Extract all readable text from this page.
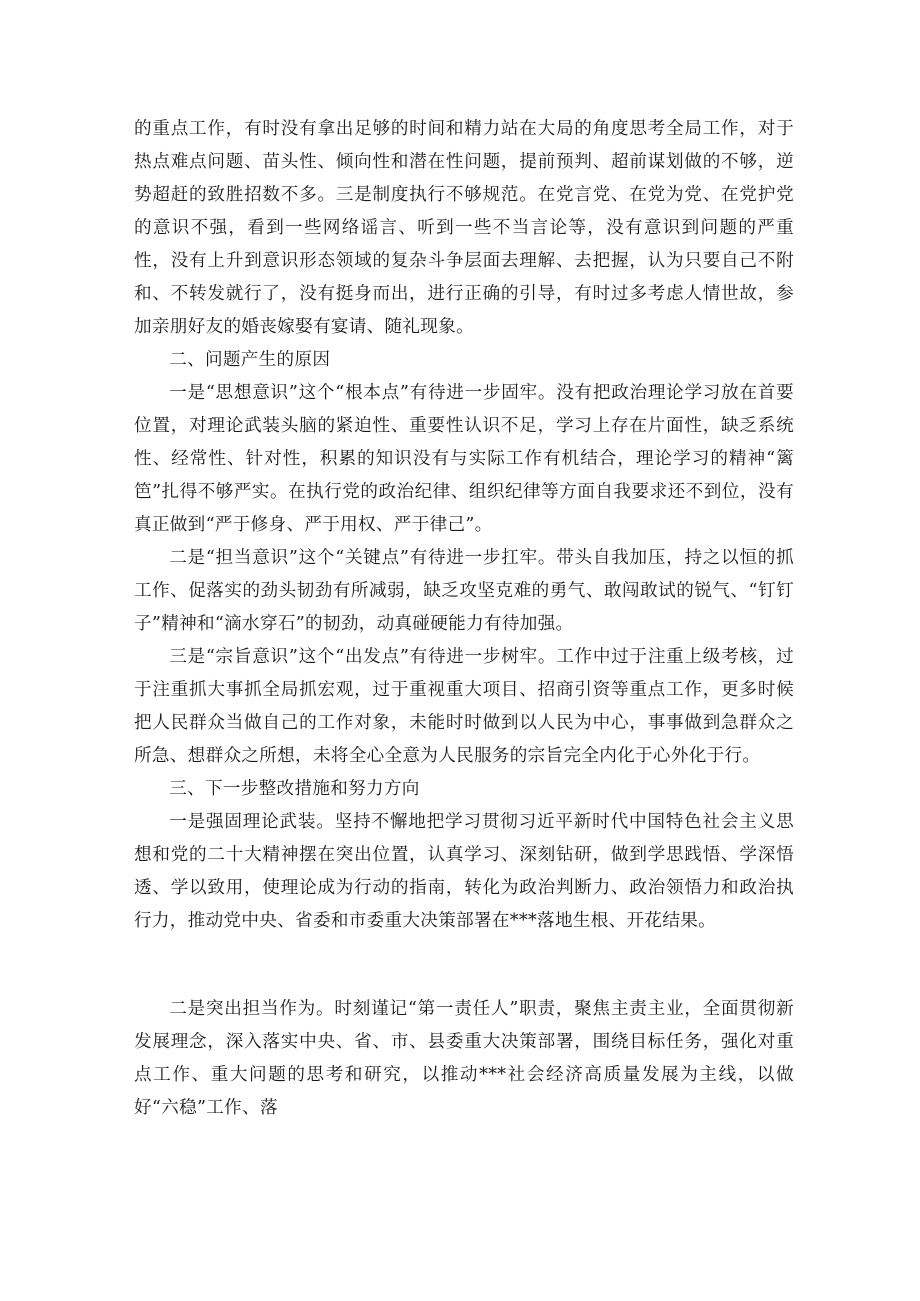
的重点工作，有时没有拿出足够的时间和精力站在大局的角度思考全局工作，对于热点难点问题、苗头性、倾向性和潜在性问题，提前预判、超前谋划做的不够，逆势超赶的致胜招数不多。三是制度执行不够规范。在党言党、在党为党、在党护党的意识不强，看到一些网络谣言、听到一些不当言论等，没有意识到问题的严重性，没有上升到意识形态领域的复杂斗争层面去理解、去把握，认为只要自己不附和、不转发就行了，没有挺身而出，进行正确的引导，有时过多考虑人情世故，参加亲朋好友的婚丧嫁娶有宴请、随礼现象。

二、问题产生的原因

一是“思想意识”这个“根本点”有待进一步固牢。没有把政治理论学习放在首要位置，对理论武装头脑的紧迫性、重要性认识不足，学习上存在片面性，缺乏系统性、经常性、针对性，积累的知识没有与实际工作有机结合，理论学习的精神“篱笆”扎得不够严实。在执行党的政治纪律、组织纪律等方面自我要求还不到位，没有真正做到“严于修身、严于用权、严于律己”。

二是“担当意识”这个“关键点”有待进一步扛牢。带头自我加压，持之以恒的抓工作、促落实的劲头韧劲有所减弱，缺乏攻坚克难的勇气、敢闯敢试的锐气、“钉钉子”精神和“滴水穿石”的韧劲，动真碰硬能力有待加强。

三是“宗旨意识”这个“出发点”有待进一步树牢。工作中过于注重上级考核，过于注重抓大事抓全局抓宏观，过于重视重大项目、招商引资等重点工作，更多时候把人民群众当做自己的工作对象，未能时时做到以人民为中心，事事做到急群众之所急、想群众之所想，未将全心全意为人民服务的宗旨完全内化于心外化于行。

三、下一步整改措施和努力方向

一是强固理论武装。坚持不懈地把学习贯彻习近平新时代中国特色社会主义思想和党的二十大精神摆在突出位置，认真学习、深刻钻研，做到学思践悟、学深悟透、学以致用，使理论成为行动的指南，转化为政治判断力、政治领悟力和政治执行力，推动党中央、省委和市委重大决策部署在***落地生根、开花结果。

二是突出担当作为。时刻谨记“第一责任人”职责，聚焦主责主业，全面贯彻新发展理念，深入落实中央、省、市、县委重大决策部署，围绕目标任务，强化对重点工作、重大问题的思考和研究，以推动***社会经济高质量发展为主线，以做好“六稳”工作、落
